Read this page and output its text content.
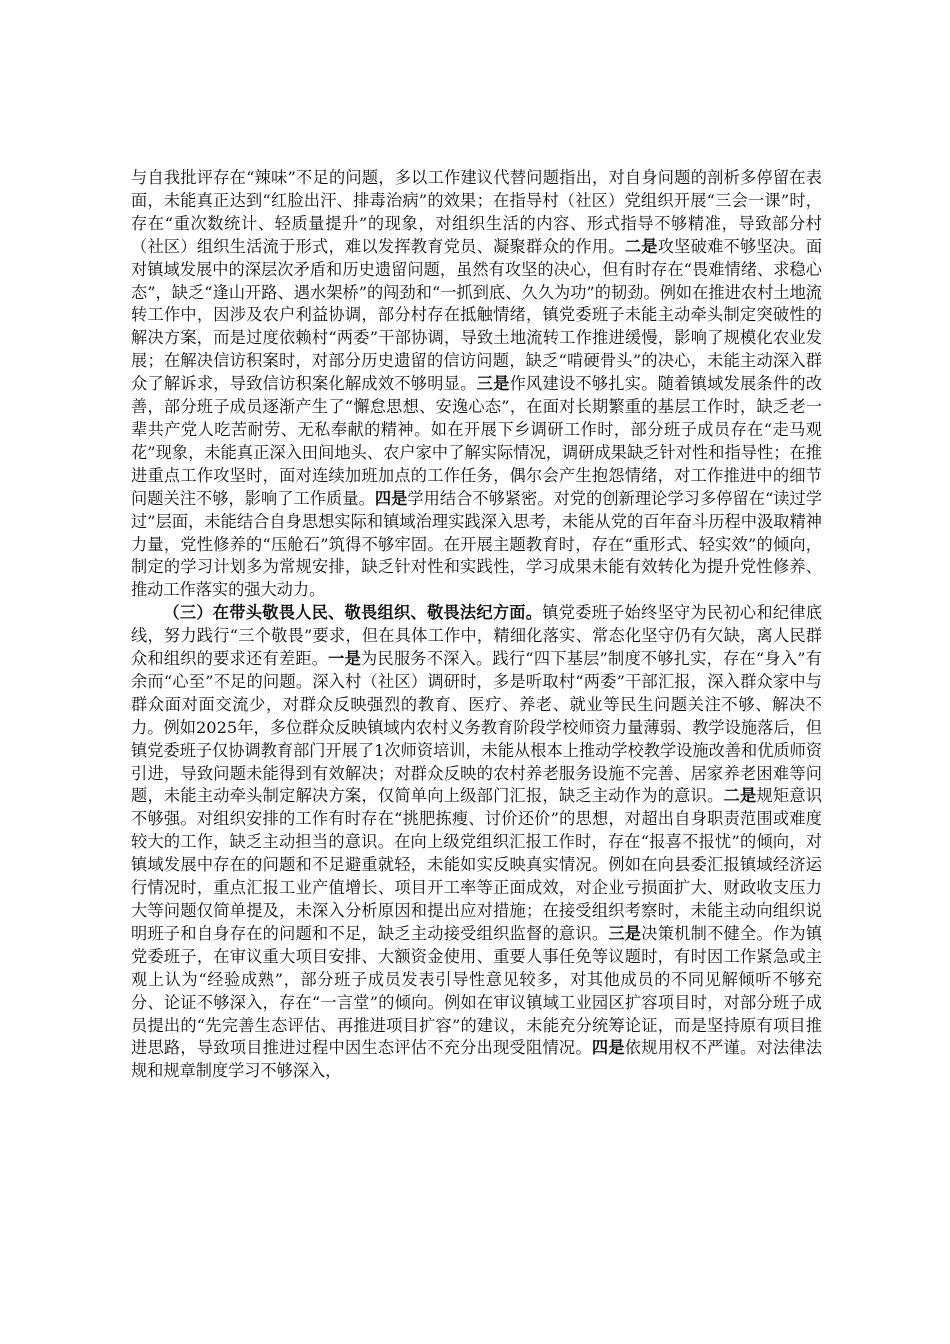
与自我批评存在“辣味”不足的问题，多以工作建议代替问题指出，对自身问题的剖析多停留在表面，未能真正达到“红脸出汗、排毒治病”的效果；在指导村（社区）党组织开展“三会一课”时，存在“重次数统计、轻质量提升”的现象，对组织生活的内容、形式指导不够精准，导致部分村（社区）组织生活流于形式，难以发挥教育党员、凝聚群众的作用。二是攻坚破难不够坚决。面对镇域发展中的深层次矛盾和历史遗留问题，虽然有攻坚的决心，但有时存在“畏难情绪、求稳心态”，缺乏“逢山开路、遇水架桥”的闯劲和“一抓到底、久久为功”的韧劲。例如在推进农村土地流转工作中，因涉及农户利益协调，部分村存在抵触情绪，镇党委班子未能主动牵头制定突破性的解决方案，而是过度依赖村“两委”干部协调，导致土地流转工作推进缓慢，影响了规模化农业发展；在解决信访积案时，对部分历史遗留的信访问题，缺乏“啃硬骨头”的决心，未能主动深入群众了解诉求，导致信访积案化解成效不够明显。三是作风建设不够扎实。随着镇域发展条件的改善，部分班子成员逐渐产生了“懈怠思想、安逸心态”，在面对长期繁重的基层工作时，缺乏老一辈共产党人吃苦耐劳、无私奉献的精神。如在开展下乡调研工作时，部分班子成员存在“走马观花”现象，未能真正深入田间地头、农户家中了解实际情况，调研成果缺乏针对性和指导性；在推进重点工作攻坚时，面对连续加班加点的工作任务，偶尔会产生抱怨情绪，对工作推进中的细节问题关注不够，影响了工作质量。四是学用结合不够紧密。对党的创新理论学习多停留在“读过学过”层面，未能结合自身思想实际和镇域治理实践深入思考，未能从党的百年奋斗历程中汲取精神力量，党性修养的“压舱石”筑得不够牢固。在开展主题教育时，存在“重形式、轻实效”的倾向，制定的学习计划多为常规安排，缺乏针对性和实践性，学习成果未能有效转化为提升党性修养、推动工作落实的强大动力。

（三）在带头敬畏人民、敬畏组织、敬畏法纪方面。镇党委班子始终坚守为民初心和纪律底线，努力践行“三个敬畏”要求，但在具体工作中，精细化落实、常态化坚守仍有欠缺，离人民群众和组织的要求还有差距。一是为民服务不深入。践行“四下基层”制度不够扎实，存在“身入”有余而“心至”不足的问题。深入村（社区）调研时，多是听取村“两委”干部汇报，深入群众家中与群众面对面交流少，对群众反映强烈的教育、医疗、养老、就业等民生问题关注不够、解决不力。例如2025年，多位群众反映镇域内农村义务教育阶段学校师资力量薄弱、教学设施落后，但镇党委班子仅协调教育部门开展了1次师资培训，未能从根本上推动学校教学设施改善和优质师资引进，导致问题未能得到有效解决；对群众反映的农村养老服务设施不完善、居家养老困难等问题，未能主动牵头制定解决方案，仅简单向上级部门汇报，缺乏主动作为的意识。二是规矩意识不够强。对组织安排的工作有时存在“挑肥拣瘦、讨价还价”的思想，对超出自身职责范围或难度较大的工作，缺乏主动担当的意识。在向上级党组织汇报工作时，存在“报喜不报忧”的倾向，对镇域发展中存在的问题和不足避重就轻，未能如实反映真实情况。例如在向县委汇报镇域经济运行情况时，重点汇报工业产值增长、项目开工率等正面成效，对企业亏损面扩大、财政收支压力大等问题仅简单提及，未深入分析原因和提出应对措施；在接受组织考察时，未能主动向组织说明班子和自身存在的问题和不足，缺乏主动接受组织监督的意识。三是决策机制不健全。作为镇党委班子，在审议重大项目安排、大额资金使用、重要人事任免等议题时，有时因工作紧急或主观上认为“经验成熟”，部分班子成员发表引导性意见较多，对其他成员的不同见解倾听不够充分、论证不够深入，存在“一言堂”的倾向。例如在审议镇域工业园区扩容项目时，对部分班子成员提出的“先完善生态评估、再推进项目扩容”的建议，未能充分统筹论证，而是坚持原有项目推进思路，导致项目推进过程中因生态评估不充分出现受阻情况。四是依规用权不严谨。对法律法规和规章制度学习不够深入，
